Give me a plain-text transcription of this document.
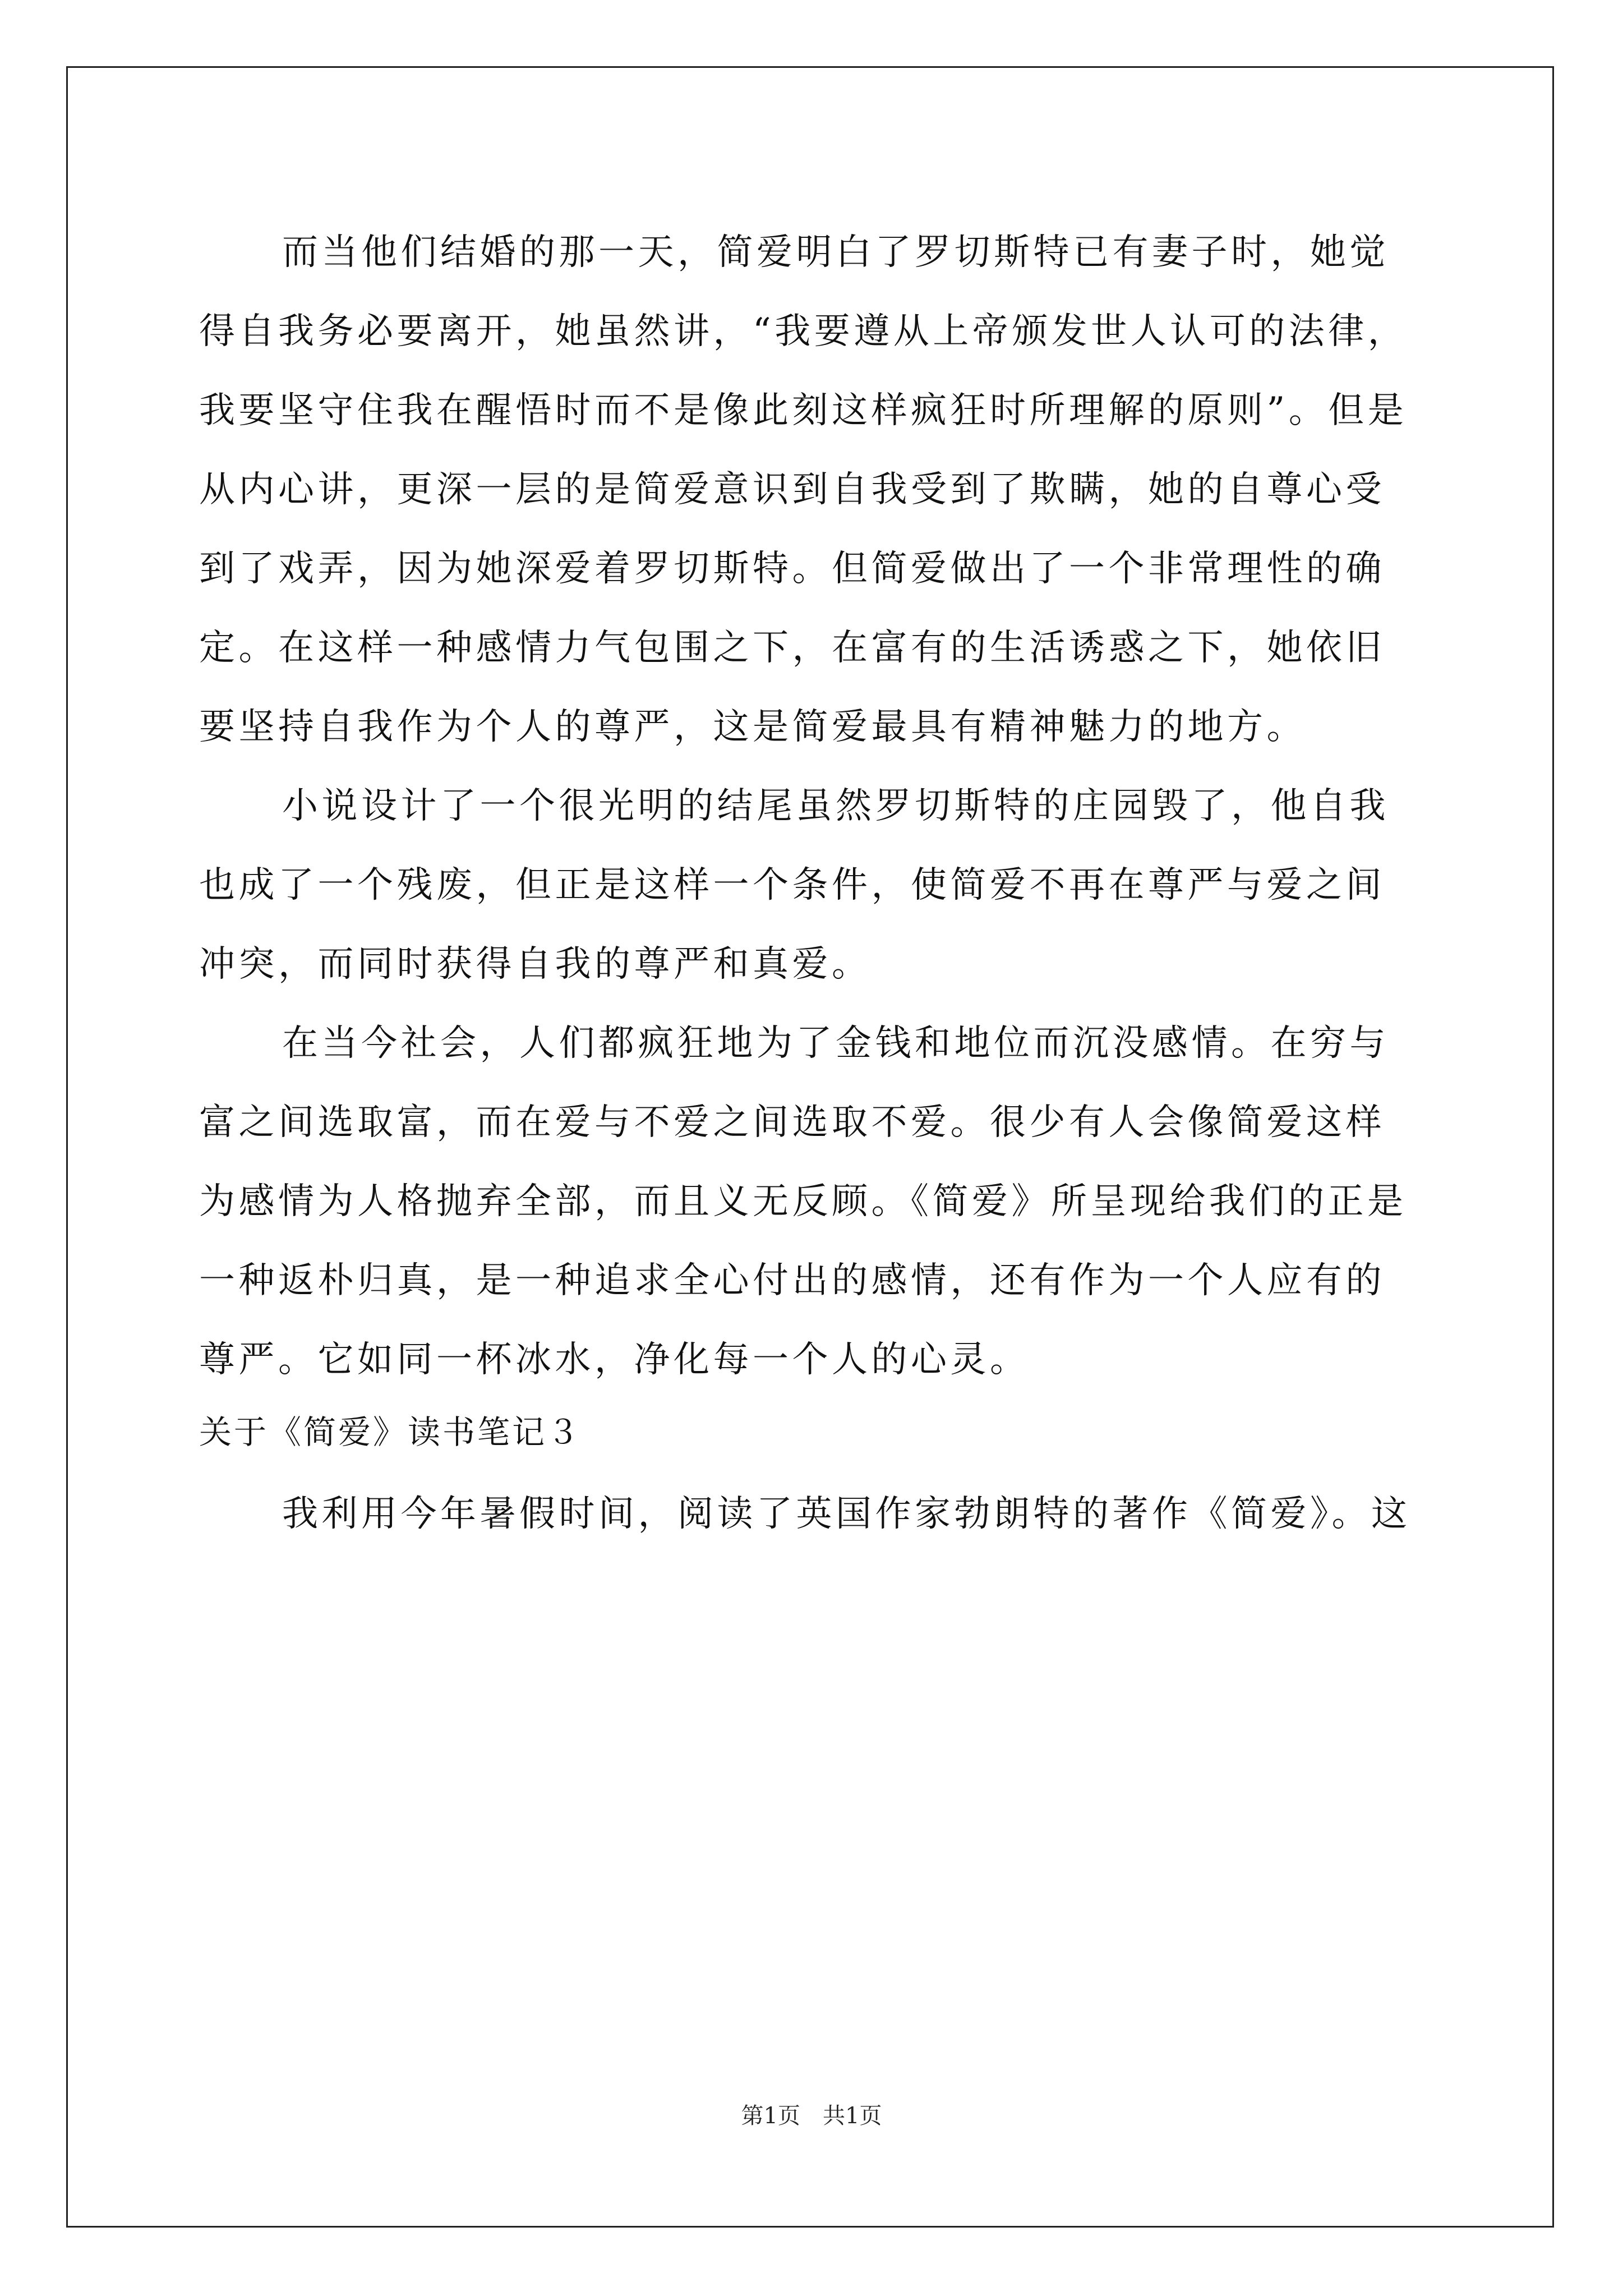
而当他们结婚的那一天，简爱明白了罗切斯特已有妻子时，她觉
得自我务必要离开，她虽然讲，“我要遵从上帝颁发世人认可的法律，
我要坚守住我在醒悟时而不是像此刻这样疯狂时所理解的原则”。但是
从内心讲，更深一层的是简爱意识到自我受到了欺瞒，她的自尊心受
到了戏弄，因为她深爱着罗切斯特。但简爱做出了一个非常理性的确
定。在这样一种感情力气包围之下，在富有的生活诱惑之下，她依旧
要坚持自我作为个人的尊严，这是简爱最具有精神魅力的地方。
小说设计了一个很光明的结尾虽然罗切斯特的庄园毁了，他自我
也成了一个残废，但正是这样一个条件，使简爱不再在尊严与爱之间
冲突，而同时获得自我的尊严和真爱。
在当今社会，人们都疯狂地为了金钱和地位而沉没感情。在穷与
富之间选取富，而在爱与不爱之间选取不爱。很少有人会像简爱这样
为感情为人格抛弃全部，而且义无反顾。《简爱》所呈现给我们的正是
一种返朴归真，是一种追求全心付出的感情，还有作为一个人应有的
尊严。它如同一杯冰水，净化每一个人的心灵。
关于《简爱》读书笔记３
我利用今年暑假时间，阅读了英国作家勃朗特的著作《简爱》。这
第1页　共1页
